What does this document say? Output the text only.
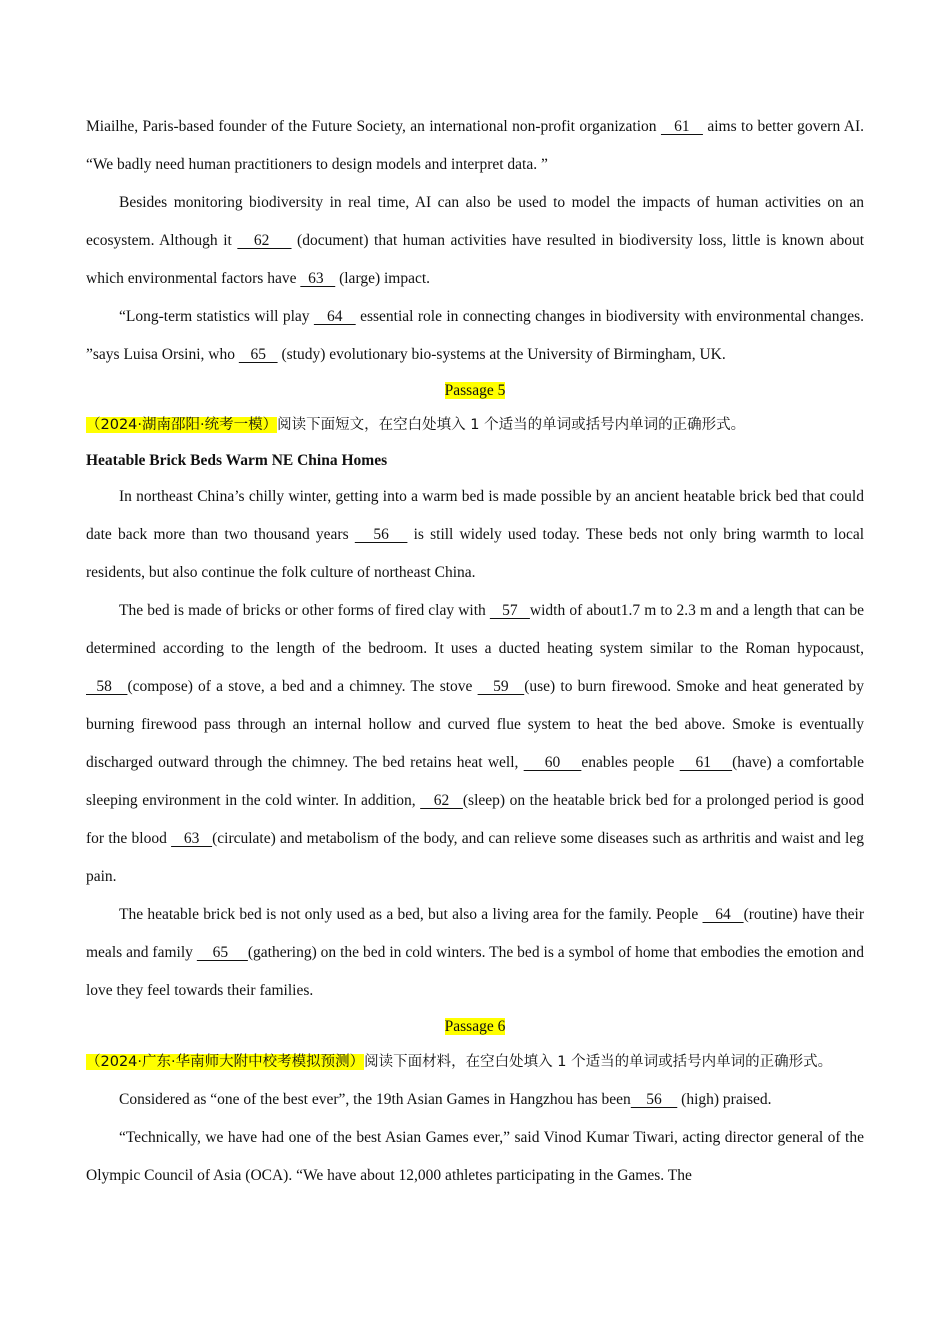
Miailhe, Paris-based founder of the Future Society, an international non-profit organization    61    aims to better govern AI. “We badly need human practitioners to design models and interpret data. ”

Besides monitoring biodiversity in real time, AI can also be used to model the impacts of human activities on an ecosystem. Although it    62     (document) that human activities have resulted in biodiversity loss, little is known about which environmental factors have   63    (large) impact.

“Long-term statistics will play    64    essential role in connecting changes in biodiversity with environmental changes. ”says Luisa Orsini, who    65    (study) evolutionary bio-systems at the University of Birmingham, UK.

Passage 5

（2024·湖南邵阳·统考一模）阅读下面短文，在空白处填入 1 个适当的单词或括号内单词的正确形式。

Heatable Brick Beds Warm NE China Homes

In northeast China’s chilly winter, getting into a warm bed is made possible by an ancient heatable brick bed that could date back more than two thousand years    56    is still widely used today. These beds not only bring warmth to local residents, but also continue the folk culture of northeast China.

The bed is made of bricks or other forms of fired clay with    57   width of about1.7 m to 2.3 m and a length that can be determined according to the length of the bedroom. It uses a ducted heating system similar to the Roman hypocaust,   58   (compose) of a stove, a bed and a chimney. The stove    59   (use) to burn firewood. Smoke and heat generated by burning firewood pass through an internal hollow and curved flue system to heat the bed above. Smoke is eventually discharged outward through the chimney. The bed retains heat well,     60    enables people    61    (have) a comfortable sleeping environment in the cold winter. In addition,    62   (sleep) on the heatable brick bed for a prolonged period is good for the blood    63   (circulate) and metabolism of the body, and can relieve some diseases such as arthritis and waist and leg pain.

The heatable brick bed is not only used as a bed, but also a living area for the family. People    64   (routine) have their meals and family     65     (gathering) on the bed in cold winters. The bed is a symbol of home that embodies the emotion and love they feel towards their families.

Passage 6

（2024·广东·华南师大附中校考模拟预测）阅读下面材料，在空白处填入 1 个适当的单词或括号内单词的正确形式。

Considered as “one of the best ever”, the 19th Asian Games in Hangzhou has been    56     (high) praised.

“Technically, we have had one of the best Asian Games ever,” said Vinod Kumar Tiwari, acting director general of the Olympic Council of Asia (OCA). “We have about 12,000 athletes participating in the Games. The
